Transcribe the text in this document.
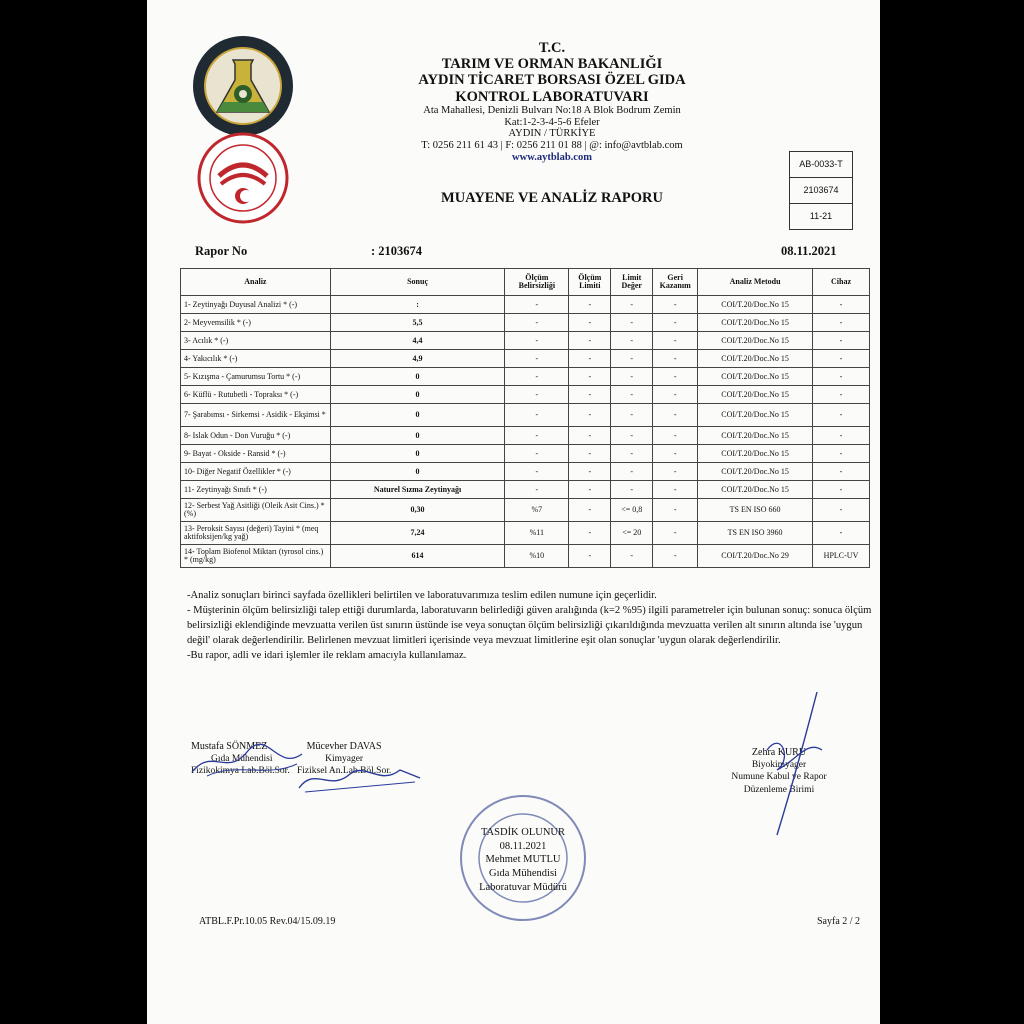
T.C.
TARIM VE ORMAN BAKANLIĞI
AYDIN TİCARET BORSASI ÖZEL GIDA
KONTROL LABORATUVARI
Ata Mahallesi, Denizli Bulvarı No:18 A Blok Bodrum Zemin
Kat:1-2-3-4-5-6 Efeler
AYDIN / TÜRKİYE
T: 0256 211 61 43 | F: 0256 211 01 88 | @: info@avtblab.com
www.aytblab.com
AB-0033-T
2103674
11-21
MUAYENE VE ANALİZ RAPORU
Rapor No	: 2103674	08.11.2021
Analiz	Sonuç	Ölçüm Belirsizliği	Ölçüm Limiti	Limit Değer	Geri Kazanım	Analiz Metodu	Cihaz
1- Zeytinyağı Duyusal Analizi * (-)	:	-	-	-	-	COI/T.20/Doc.No 15	-
2- Meyvemsilik * (-)	5,5	-	-	-	-	COI/T.20/Doc.No 15	-
3- Acılık * (-)	4,4	-	-	-	-	COI/T.20/Doc.No 15	-
4- Yakıcılık * (-)	4,9	-	-	-	-	COI/T.20/Doc.No 15	-
5- Kızışma - Çamurumsu Tortu * (-)	0	-	-	-	-	COI/T.20/Doc.No 15	-
6- Küflü - Rutubetli - Topraksı * (-)	0	-	-	-	-	COI/T.20/Doc.No 15	-
7- Şarabımsı - Sirkemsi - Asidik - Ekşimsi *	0	-	-	-	-	COI/T.20/Doc.No 15	-
8- Islak Odun - Don Vuruğu * (-)	0	-	-	-	-	COI/T.20/Doc.No 15	-
9- Bayat - Okside - Ransid * (-)	0	-	-	-	-	COI/T.20/Doc.No 15	-
10- Diğer Negatif Özellikler * (-)	0	-	-	-	-	COI/T.20/Doc.No 15	-
11- Zeytinyağı Sınıfı * (-)	Naturel Sızma Zeytinyağı	-	-	-	-	COI/T.20/Doc.No 15	-
12- Serbest Yağ Asitliği (Oleik Asit Cins.) * (%)	0,30	%7	-	<= 0,8	-	TS EN ISO 660	-
13- Peroksit Sayısı (değeri) Tayini * (meq aktifoksijen/kg yağ)	7,24	%11	-	<= 20	-	TS EN ISO 3960	-
14- Toplam Biofenol Miktarı (tyrosol cins.) * (mg/kg)	614	%10	-	-	-	COI/T.20/Doc.No 29	HPLC-UV

-Analiz sonuçları birinci sayfada özellikleri belirtilen ve laboratuvarımıza teslim edilen numune için geçerlidir.

- Müşterinin ölçüm belirsizliği talep ettiği durumlarda, laboratuvarın belirlediği güven aralığında (k=2 %95) ilgili parametreler için bulunan sonuç: sonuca ölçüm belirsizliği eklendiğinde mevzuatta verilen üst sınırın üstünde ise veya sonuçtan ölçüm belirsizliği çıkarıldığında mevzuatta verilen alt sınırın altında ise 'uygun değil' olarak değerlendirilir. Belirlenen mevzuat limitleri içerisinde veya mevzuat limitlerine eşit olan sonuçlar 'uygun olarak değerlendirilir.

-Bu rapor, adli ve idari işlemler ile reklam amacıyla kullanılamaz.

Mustafa SÖNMEZ
Gıda Mühendisi
Fizikokimya Lab.Böl.Sor.
Mücevher DAVAS
Kimyager
Fiziksel An.Lab.Böl.Sor.
Zehra KURU
Biyokimyager
Numune Kabul ve Rapor Düzenleme Birimi
TASDİK OLUNUR
08.11.2021
Mehmet MUTLU
Gıda Mühendisi
Laboratuvar Müdürü
ATBL.F.Pr.10.05 Rev.04/15.09.19	Sayfa 2 / 2
